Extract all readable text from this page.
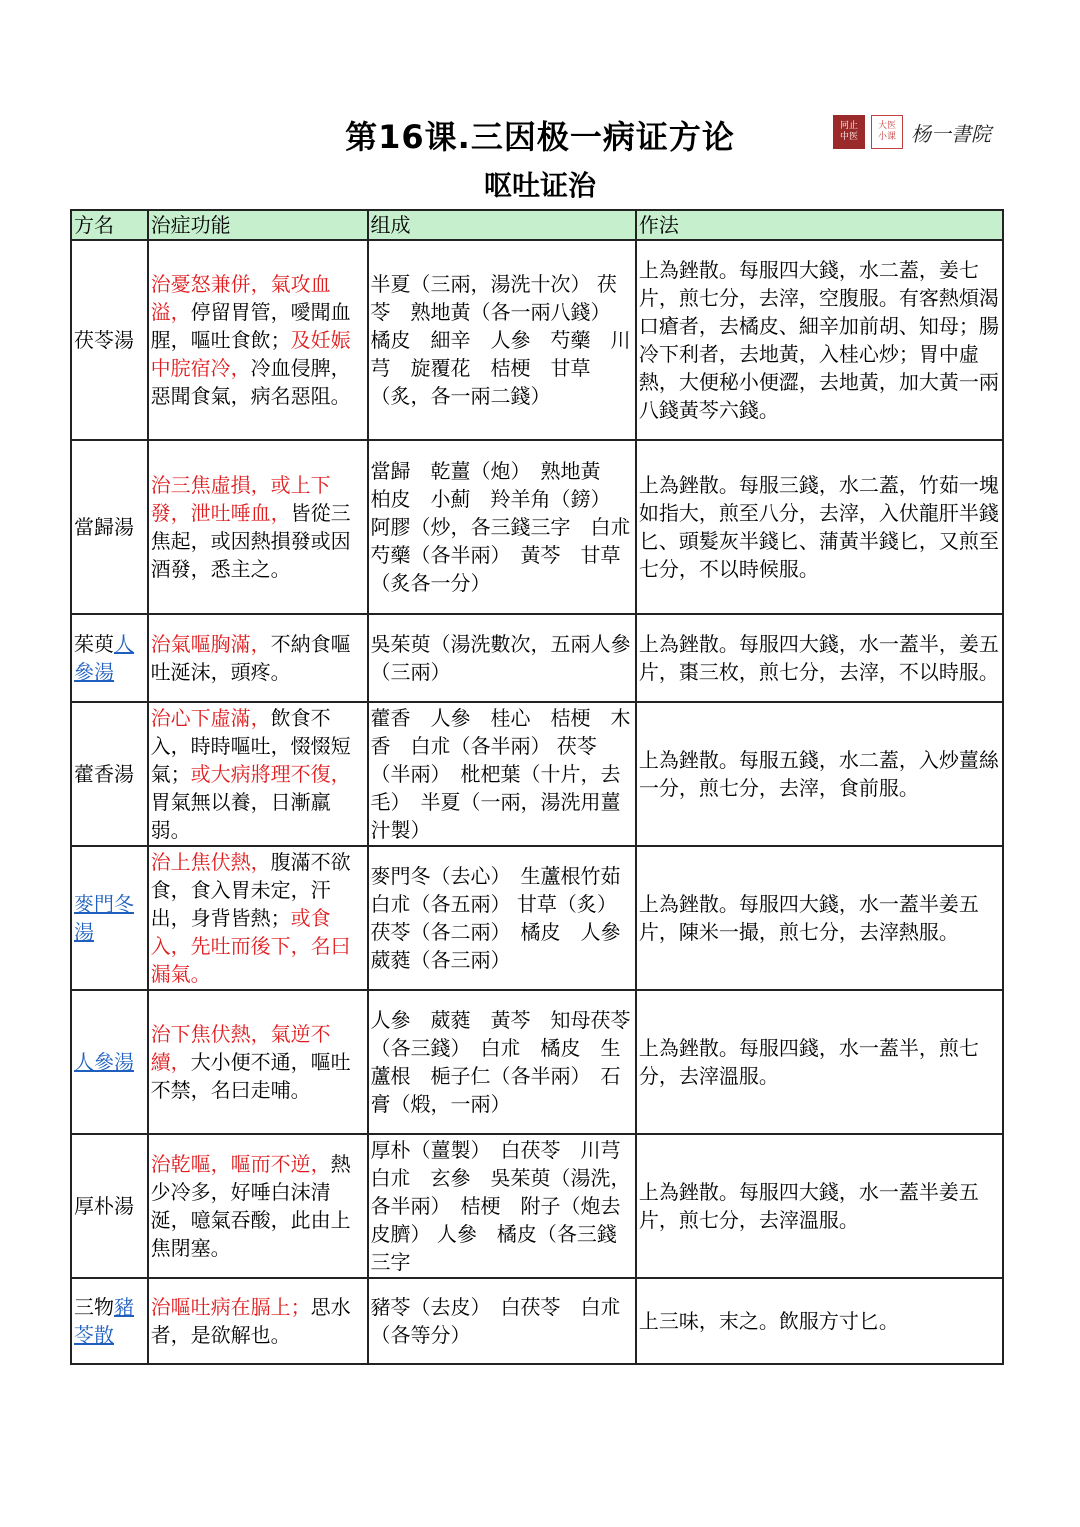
第16课.三因极一病证方论
呕吐证治
冋止
中医
大医
小课 杨一書院
方名	治症功能	组成	作法
茯苓湯	治憂怒兼併，氣攻血溢，停留胃管，噯聞血腥，嘔吐食飲；及妊娠中脘宿冷，冷血侵脾，惡聞食氣，病名惡阻。	半夏（三兩，湯洗十次） 茯苓　熟地黃（各一兩八錢）　橘皮　細辛　人參　芍藥　川芎　旋覆花　桔梗　甘草（炙，各一兩二錢）	上為銼散。每服四大錢，水二蓋，姜七片，煎七分，去滓，空腹服。有客熱煩渴口瘡者，去橘皮、細辛加前胡、知母；腸冷下利者，去地黃，入桂心炒；胃中虛熱，大便秘小便澀，去地黃，加大黃一兩八錢黃芩六錢。
當歸湯	治三焦虛損，或上下發，泄吐唾血，皆從三焦起，或因熱損發或因酒發，悉主之。	當歸　乾薑（炮）　熟地黃　柏皮　小薊　羚羊角（鎊）　阿膠（炒，各三錢三字　白朮　芍藥（各半兩）　黃芩　甘草（炙各一分）	上為銼散。每服三錢，水二蓋，竹茹一塊如指大，煎至八分，去滓，入伏龍肝半錢匕、頭髮灰半錢匕、蒲黃半錢匕，又煎至七分，不以時候服。
茱萸人參湯	治氣嘔胸滿，不納食嘔吐涎沫，頭疼。	吳茱萸（湯洗數次，五兩人參（三兩）	上為銼散。每服四大錢，水一蓋半，姜五片，棗三枚，煎七分，去滓，不以時服。
藿香湯	治心下虛滿，飲食不入，時時嘔吐，惙惙短氣；或大病將理不復，胃氣無以養，日漸羸弱。	藿香　人參　桂心　桔梗　木香　白朮（各半兩） 茯苓（半兩）　枇杷葉（十片，去毛）　半夏（一兩，湯洗用薑汁製）	上為銼散。每服五錢，水二蓋，入炒薑絲一分，煎七分，去滓，食前服。
麥門冬湯	治上焦伏熱，腹滿不欲食，食入胃未定，汗出，身背皆熱；或食入，先吐而後下，名曰漏氣。	麥門冬（去心）　生蘆根竹茹　白朮（各五兩） 甘草（炙）　茯苓（各二兩）　橘皮　人參　葳蕤（各三兩）	上為銼散。每服四大錢，水一蓋半姜五片，陳米一撮，煎七分，去滓熱服。
人參湯	治下焦伏熱，氣逆不續，大小便不通，嘔吐不禁，名曰走哺。	人參　葳蕤　黃芩　知母茯苓（各三錢）　白朮　橘皮　生蘆根　梔子仁（各半兩）　石膏（煅，一兩）	上為銼散。每服四錢，水一蓋半，煎七分，去滓溫服。
厚朴湯	治乾嘔，嘔而不逆，熱少冷多，好唾白沫清涎，噫氣吞酸，此由上焦閉塞。	厚朴（薑製）　白茯苓　川芎　白朮　玄參　吳茱萸（湯洗，各半兩）　桔梗　附子（炮去皮臍） 人參　橘皮（各三錢三字	上為銼散。每服四大錢，水一蓋半姜五片，煎七分，去滓溫服。
三物豬苓散	治嘔吐病在膈上；思水者，是欲解也。	豬苓（去皮）　白茯苓　白朮（各等分）	上三味，末之。飲服方寸匕。
